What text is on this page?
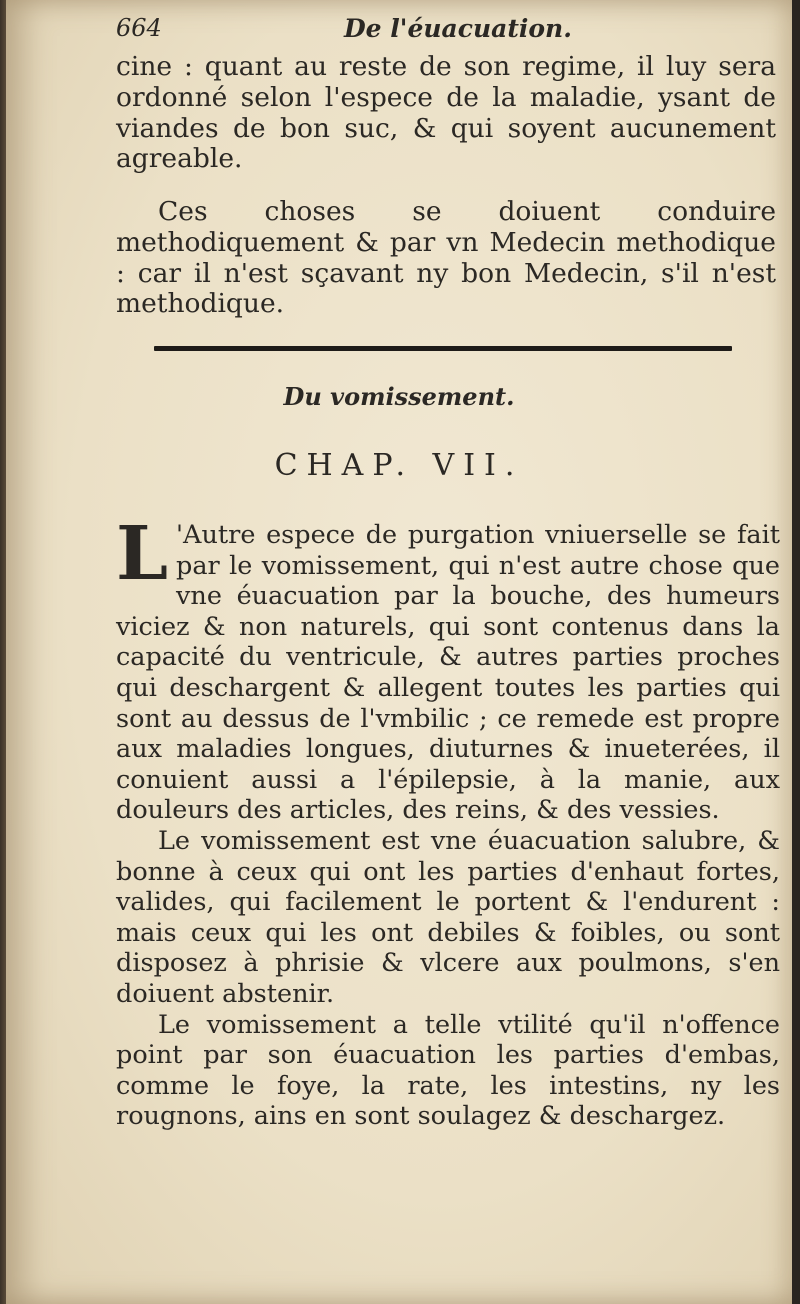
664	De l'éuacuation.

cine : quant au reste de son regime, il luy sera ordonné selon l'espece de la maladie, ysant de viandes de bon suc, & qui soyent aucunement agreable.

Ces choses se doiuent conduire methodiquement & par vn Medecin methodique : car il n'est sçavant ny bon Medecin, s'il n'est methodique.

Du vomissement.
CHAP. VII.

L 'Autre espece de purgation vniuerselle se fait par le vomissement, qui n'est autre chose que vne éuacuation par la bouche, des humeurs viciez & non naturels, qui sont contenus dans la capacité du ventricule, & autres parties proches qui deschargent & allegent toutes les parties qui sont au dessus de l'vmbilic ; ce remede est propre aux maladies longues, diuturnes & inueterées, il conuient aussi a l'épilepsie, à la manie, aux douleurs des articles, des reins, & des vessies.

Le vomissement est vne éuacuation salubre, & bonne à ceux qui ont les parties d'enhaut fortes, valides, qui facilement le portent & l'endurent : mais ceux qui les ont debiles & foibles, ou sont disposez à phrisie & vlcere aux poulmons, s'en doiuent abstenir.

Le vomissement a telle vtilité qu'il n'offence point par son éuacuation les parties d'embas, comme le foye, la rate, les intestins, ny les rougnons, ains en sont soulagez & deschargez.
